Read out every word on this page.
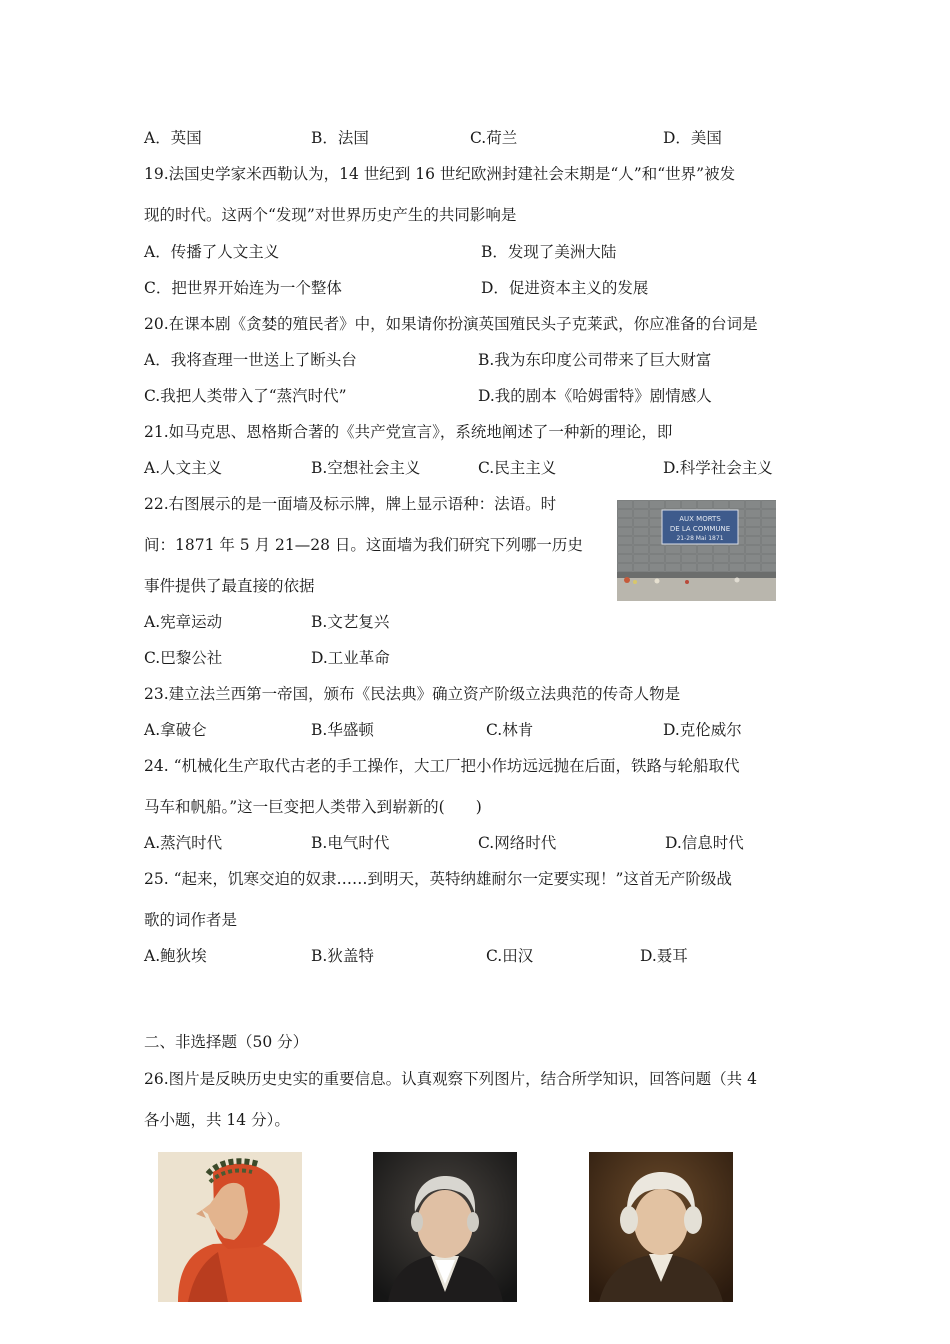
A．英国	B．法国	C.荷兰	D．美国
19.法国史学家米西勒认为，14 世纪到 16 世纪欧洲封建社会末期是“人”和“世界”被发
现的时代。这两个“发现”对世界历史产生的共同影响是
A．传播了人文主义	B．发现了美洲大陆
C．把世界开始连为一个整体	D．促进资本主义的发展
20.在课本剧《贪婪的殖民者》中，如果请你扮演英国殖民头子克莱武，你应准备的台词是
A．我将查理一世送上了断头台	B.我为东印度公司带来了巨大财富
C.我把人类带入了“蒸汽时代”	D.我的剧本《哈姆雷特》剧情感人
21.如马克思、恩格斯合著的《共产党宣言》，系统地阐述了一种新的理论，即
A.人文主义	B.空想社会主义	C.民主主义	D.科学社会主义
22.右图展示的是一面墙及标示牌，牌上显示语种：法语。时
间：1871 年 5 月 21—28 日。这面墙为我们研究下列哪一历史
事件提供了最直接的依据
A.宪章运动	B.文艺复兴
C.巴黎公社	D.工业革命
AUX MORTS
DE LA COMMUNE
21-28 Mai 1871
23.建立法兰西第一帝国，颁布《民法典》确立资产阶级立法典范的传奇人物是
A.拿破仑	B.华盛顿	C.林肯	D.克伦威尔
24. “机械化生产取代古老的手工操作，大工厂把小作坊远远抛在后面，铁路与轮船取代
马车和帆船。”这一巨变把人类带入到崭新的(　　)
A.蒸汽时代	B.电气时代	C.网络时代	D.信息时代
25. “起来，饥寒交迫的奴隶……到明天，英特纳雄耐尔一定要实现！”这首无产阶级战
歌的词作者是
A.鲍狄埃	B.狄盖特	C.田汉	D.聂耳
二、非选择题（50 分）
26.图片是反映历史史实的重要信息。认真观察下列图片，结合所学知识，回答问题（共 4
各小题，共 14 分）。
